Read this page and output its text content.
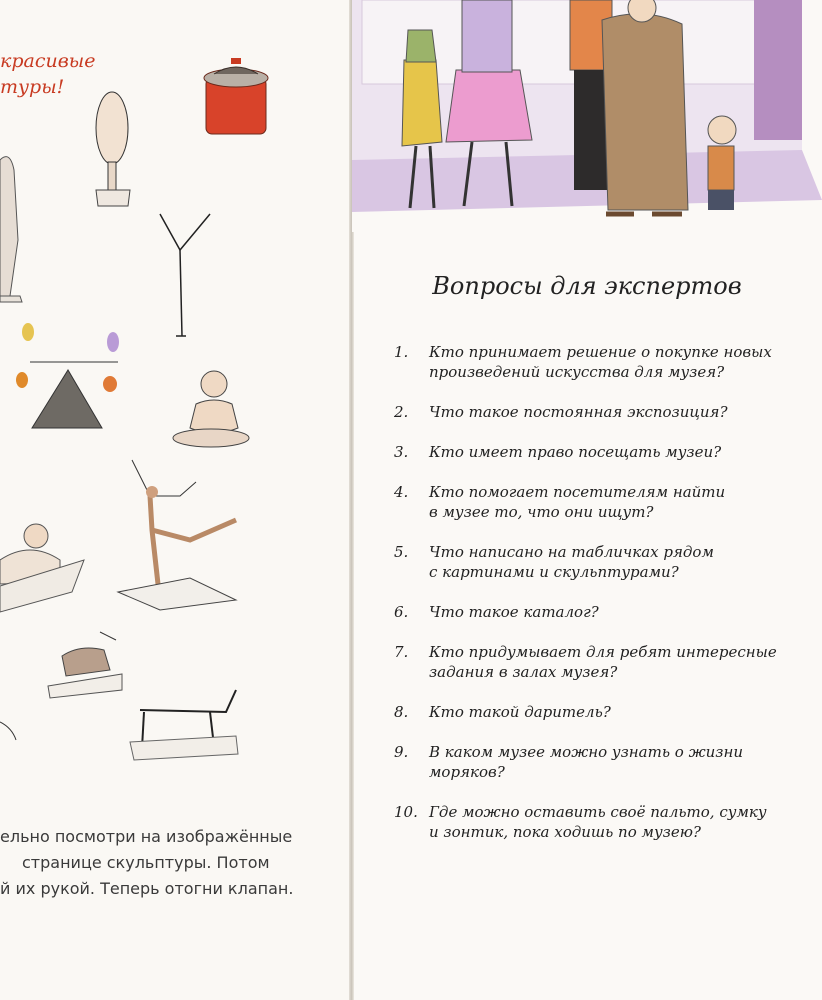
красивые
туры!
ельно посмотри на изображённые
странице скульптуры. Потом
й их рукой. Теперь отогни клапан.
Вопросы для экспертов
1.	Кто принимает решение о покупке новых
произведений искусства для музея?
2.	Что такое постоянная экспозиция?
3.	Кто имеет право посещать музеи?
4.	Кто помогает посетителям найти
в музее то, что они ищут?
5.	Что написано на табличках рядом
с картинами и скульптурами?
6.	Что такое каталог?
7.	Кто придумывает для ребят интересные
задания в залах музея?
8.	Кто такой даритель?
9.	В каком музее можно узнать о жизни
моряков?
10. Где можно оставить своё пальто, сумку
и зонтик, пока ходишь по музею?
